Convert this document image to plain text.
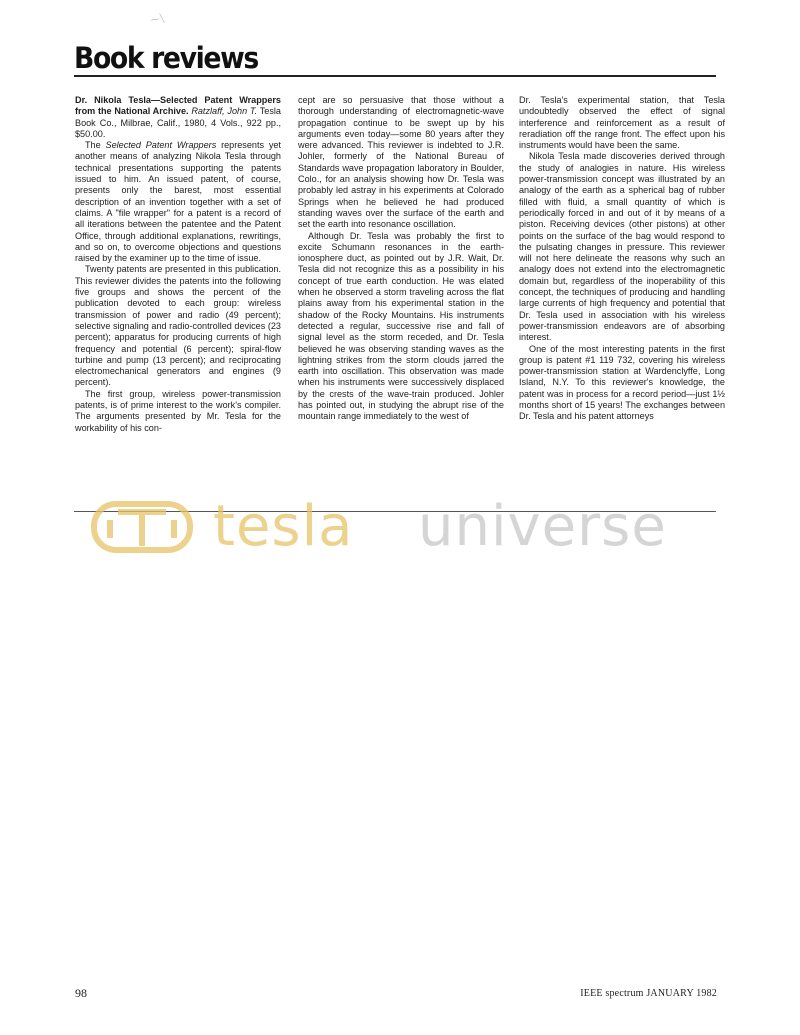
~\
Book reviews

Dr. Nikola Tesla—Selected Patent Wrappers from the National Archive. Ratzlaff, John T. Tesla Book Co., Milbrae, Calif., 1980, 4 Vols., 922 pp., $50.00.

The Selected Patent Wrappers represents yet another means of analyzing Nikola Tesla through technical presentations supporting the patents issued to him. An issued patent, of course, presents only the barest, most essential description of an invention together with a set of claims. A "file wrapper" for a patent is a record of all iterations between the patentee and the Patent Office, through additional explanations, rewritings, and so on, to overcome objections and questions raised by the examiner up to the time of issue.

Twenty patents are presented in this publication. This reviewer divides the patents into the following five groups and shows the percent of the publication devoted to each group: wireless transmission of power and radio (49 percent); selective signaling and radio-controlled devices (23 percent); apparatus for producing currents of high frequency and potential (6 percent); spiral-flow turbine and pump (13 percent); and reciprocating electromechanical generators and engines (9 percent).

The first group, wireless power-transmission patents, is of prime interest to the work's compiler. The arguments presented by Mr. Tesla for the workability of his con-

cept are so persuasive that those without a thorough understanding of electromagnetic-wave propagation continue to be swept up by his arguments even today—some 80 years after they were advanced. This reviewer is indebted to J.R. Johler, formerly of the National Bureau of Standards wave propagation laboratory in Boulder, Colo., for an analysis showing how Dr. Tesla was probably led astray in his experiments at Colorado Springs when he believed he had produced standing waves over the surface of the earth and set the earth into resonance oscillation.

Although Dr. Tesla was probably the first to excite Schumann resonances in the earth-ionosphere duct, as pointed out by J.R. Wait, Dr. Tesla did not recognize this as a possibility in his concept of true earth conduction. He was elated when he observed a storm traveling across the flat plains away from his experimental station in the shadow of the Rocky Mountains. His instruments detected a regular, successive rise and fall of signal level as the storm receded, and Dr. Tesla believed he was observing standing waves as the lightning strikes from the storm clouds jarred the earth into oscillation. This observation was made when his instruments were successively displaced by the crests of the wave-train produced. Johler has pointed out, in studying the abrupt rise of the mountain range immediately to the west of

Dr. Tesla's experimental station, that Tesla undoubtedly observed the effect of signal interference and reinforcement as a result of reradiation off the range front. The effect upon his instruments would have been the same.

Nikola Tesla made discoveries derived through the study of analogies in nature. His wireless power-transmission concept was illustrated by an analogy of the earth as a spherical bag of rubber filled with fluid, a small quantity of which is periodically forced in and out of it by means of a piston. Receiving devices (other pistons) at other points on the surface of the bag would respond to the pulsating changes in pressure. This reviewer will not here delineate the reasons why such an analogy does not extend into the electromagnetic domain but, regardless of the inoperability of this concept, the techniques of producing and handling large currents of high frequency and potential that Dr. Tesla used in association with his wireless power-transmission endeavors are of absorbing interest.

One of the most interesting patents in the first group is patent #1 119 732, covering his wireless power-transmission station at Wardenclyffe, Long Island, N.Y. To this reviewer's knowledge, the patent was in process for a record period—just 1½ months short of 15 years! The exchanges between Dr. Tesla and his patent attorneys

tesla universe
98	IEEE spectrum JANUARY 1982
